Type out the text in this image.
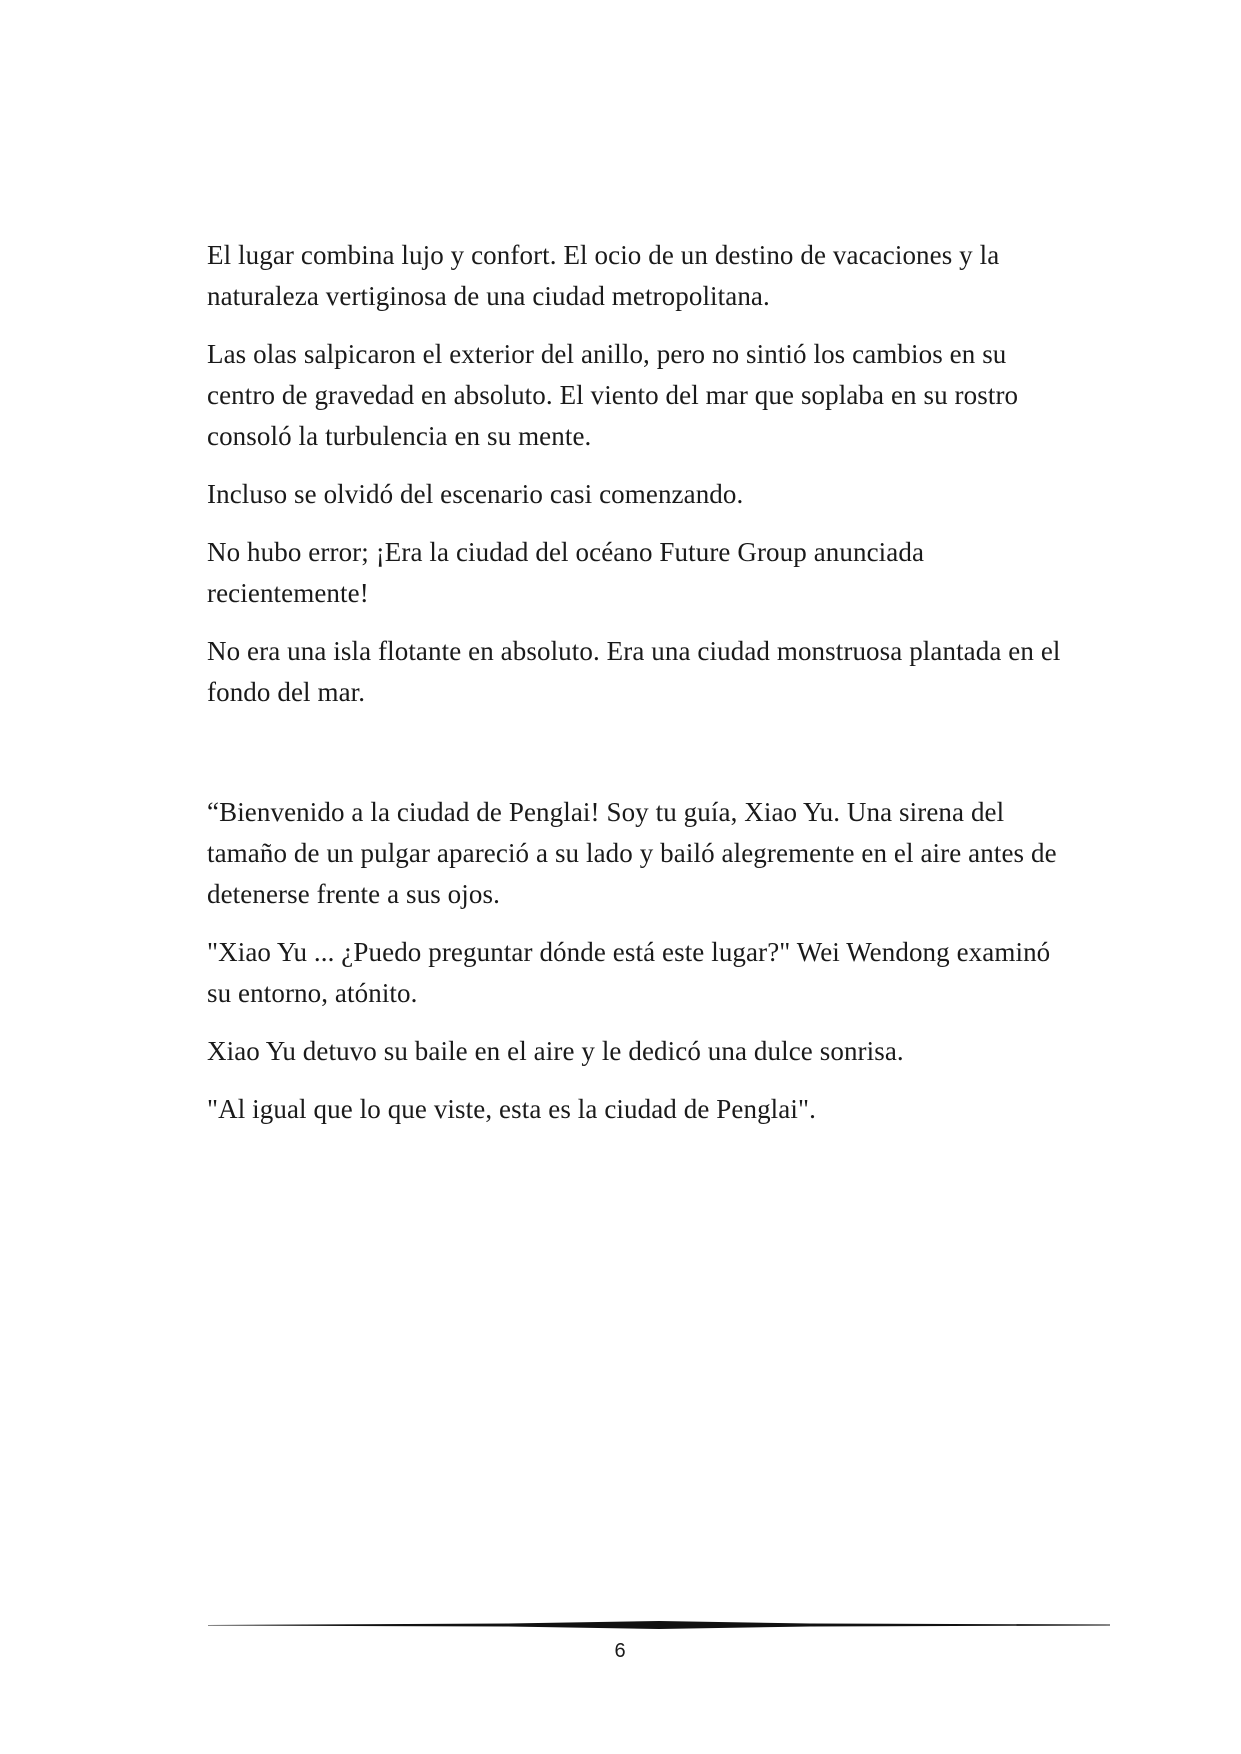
El lugar combina lujo y confort. El ocio de un destino de vacaciones y la naturaleza vertiginosa de una ciudad metropolitana.

Las olas salpicaron el exterior del anillo, pero no sintió los cambios en su centro de gravedad en absoluto. El viento del mar que soplaba en su rostro consoló la turbulencia en su mente.

Incluso se olvidó del escenario casi comenzando.

No hubo error; ¡Era la ciudad del océano Future Group anunciada recientemente!

No era una isla flotante en absoluto. Era una ciudad monstruosa plantada en el fondo del mar.

“Bienvenido a la ciudad de Penglai! Soy tu guía, Xiao Yu. Una sirena del tamaño de un pulgar apareció a su lado y bailó alegremente en el aire antes de detenerse frente a sus ojos.

"Xiao Yu ... ¿Puedo preguntar dónde está este lugar?" Wei Wendong examinó su entorno, atónito.

Xiao Yu detuvo su baile en el aire y le dedicó una dulce sonrisa.

"Al igual que lo que viste, esta es la ciudad de Penglai".

6
